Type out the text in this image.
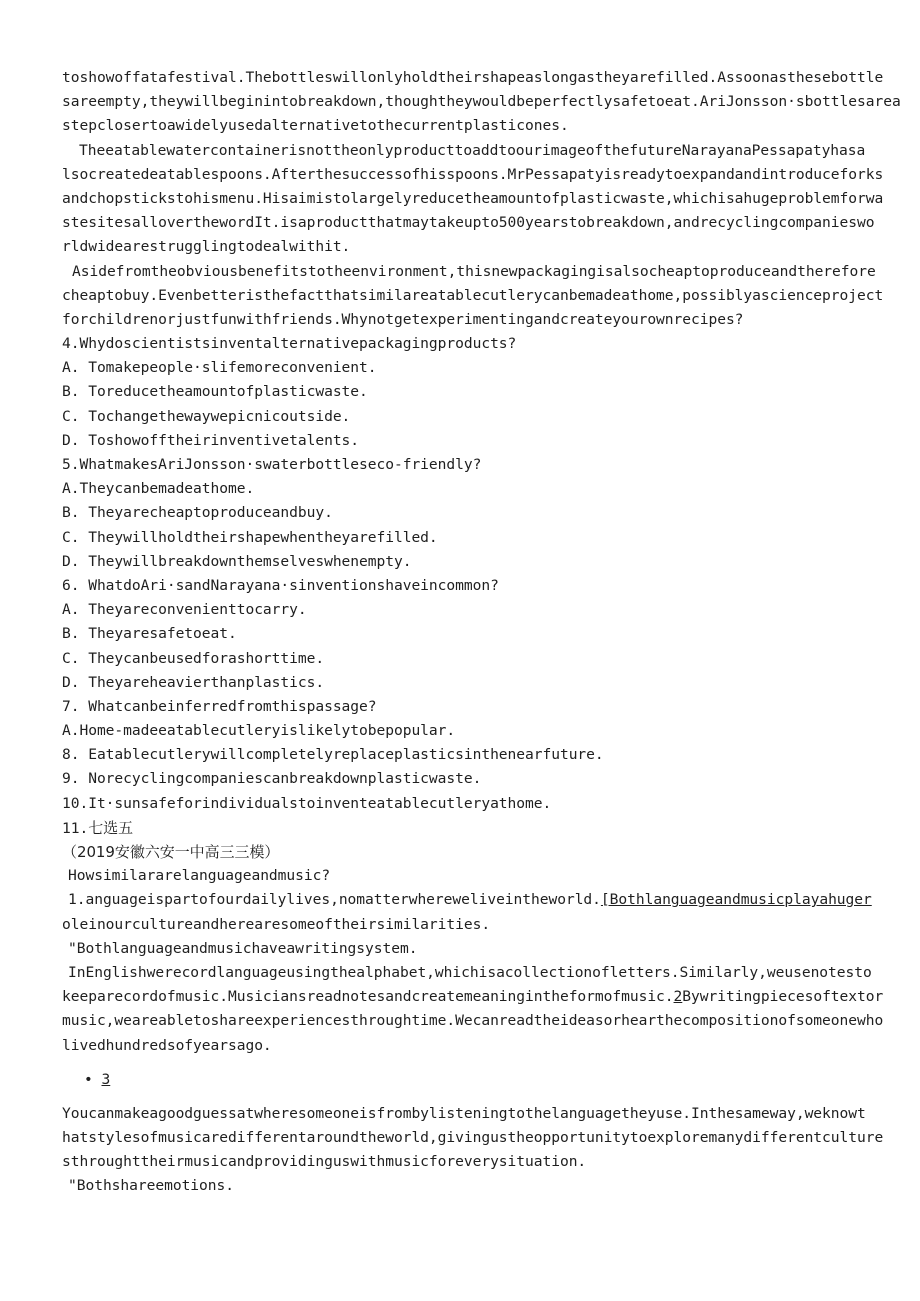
toshowoffatafestival.Thebottleswillonlyholdtheirshapeaslongastheyarefilled.Assoonasthesebottle
sareempty,theywillbeginintobreakdown,thoughtheywouldbeperfectlysafetoeat.AriJonsson·sbottlesarea
stepclosertoawidelyusedalternativetothecurrentplasticones.
TheeatablewatercontainerisnottheonlyproducttoaddtoourimageofthefutureNarayanaPessapatyhasa
lsocreatedeatablespoons.Afterthesuccessofhisspoons.MrPessapatyisreadytoexpandandintroduceforks
andchopstickstohismenu.Hisaimistolargelyreducetheamountofplasticwaste,whichisahugeproblemforwa
stesitesalloverthewordIt.isaproductthatmaytakeupto500yearstobreakdown,andrecyclingcompanieswo
rldwidearestrugglingtodealwithit.
Asidefromtheobviousbenefitstotheenvironment,thisnewpackagingisalsocheaptoproduceandtherefore
cheaptobuy.Evenbetteristhefactthatsimilareatablecutlerycanbemadeathome,possiblyascienceproject
forchildrenorjustfunwithfriends.Whynotgetexperimentingandcreateyourownrecipes?
4.Whydoscientistsinventalternativepackagingproducts?
A. Tomakepeople·slifemoreconvenient.
B. Toreducetheamountofplasticwaste.
C. Tochangethewaywepicnicoutside.
D. Toshowofftheirinventivetalents.
5.WhatmakesAriJonsson·swaterbottleseco-friendly?
A.Theycanbemadeathome.
B. Theyarecheaptoproduceandbuy.
C. Theywillholdtheirshapewhentheyarefilled.
D. Theywillbreakdownthemselveswhenempty.
6. WhatdoAri·sandNarayana·sinventionshaveincommon?
A. Theyareconvenienttocarry.
B. Theyaresafetoeat.
C. Theycanbeusedforashorttime.
D. Theyareheavierthanplastics.
7. Whatcanbeinferredfromthispassage?
A.Home-madeeatablecutleryislikelytobepopular.
8. Eatablecutlerywillcompletelyreplaceplasticsinthenearfuture.
9. Norecyclingcompaniescanbreakdownplasticwaste.
10.It·sunsafeforindividualstoinventeatablecutleryathome.
11.七选五
（2019安徽六安一中高三三模）
Howsimilararelanguageandmusic?
1.anguageispartofourdailylives,nomatterwhereweliveintheworld.[Bothlanguageandmusicplayahuger
oleinourcultureandherearesomeoftheirsimilarities.
"Bothlanguageandmusichaveawritingsystem.
InEnglishwerecordlanguageusingthealphabet,whichisacollectionofletters.Similarly,wеusenotesto
keeparecordofmusic.Musiciansreadnotesandcreatemeaningintheformofmusic.2Bywritingpiecesoftextor
music,weareabletoshareexperiencesthroughtime.Wecanreadtheideasorhearthecompositionofsomeonewho
livedhundredsofyearsago.
• 3
Youcanmakeagoodguessatwheresomeoneisfrombylisteningtothelanguagetheyuse.Inthesameway,weknowt
hatstylesofmusicaredifferentaroundtheworld,givingustheopportunitytoexploremanydifferentculture
sthroughttheirmusicandprovidinguswithmusicforeverysituation.
"Bothshareemotions.
